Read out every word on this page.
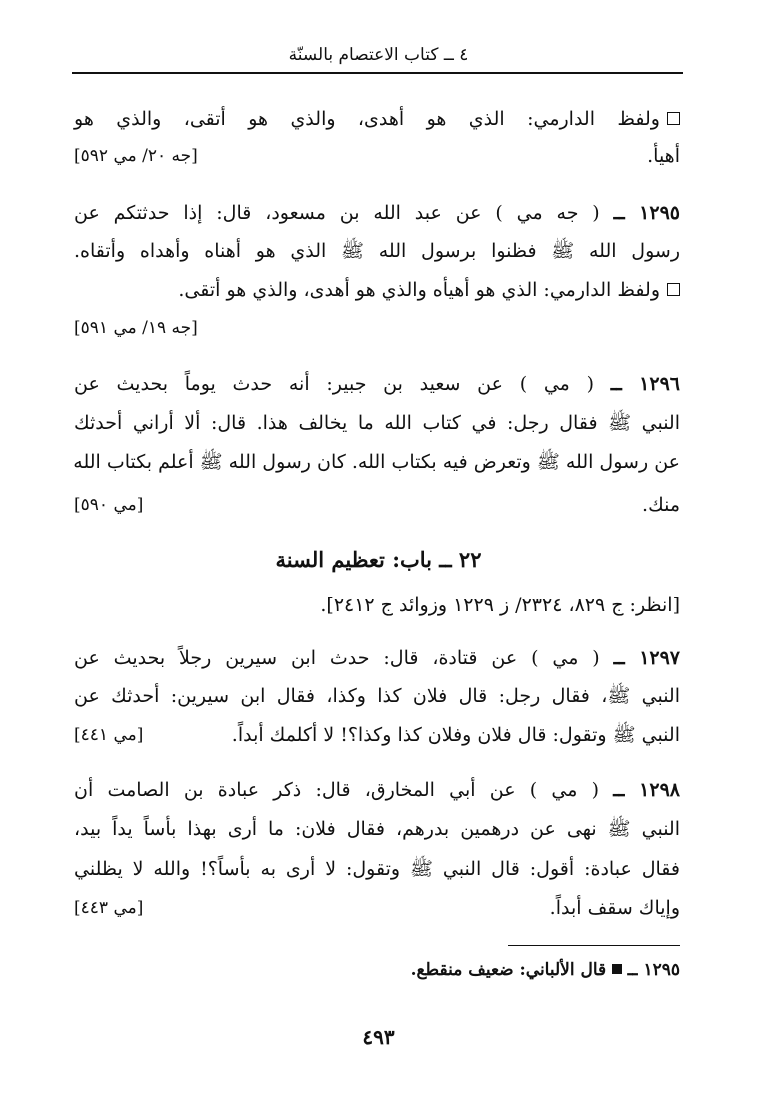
٤ ــ كتاب الاعتصام بالسنّة
ولفظ الدارمي: الذي هو أهدى، والذي هو أتقى، والذي هو
أهيأ.
[جه ٢٠/ مي ٥٩٢]
١٢٩٥ ــ ( جه مي ) عن عبد الله بن مسعود، قال: إذا حدثتكم عن
رسول الله ﷺ فظنوا برسول الله ﷺ الذي هو أهناه وأهداه وأتقاه.
ولفظ الدارمي: الذي هو أهيأه والذي هو أهدى، والذي هو أتقى.
[جه ١٩/ مي ٥٩١]
١٢٩٦ ــ ( مي ) عن سعيد بن جبير: أنه حدث يوماً بحديث عن
النبي ﷺ فقال رجل: في كتاب الله ما يخالف هذا. قال: ألا أراني أحدثك
عن رسول الله ﷺ وتعرض فيه بكتاب الله. كان رسول الله ﷺ أعلم بكتاب الله
منك.
[مي ٥٩٠]
٢٢ ــ باب: تعظيم السنة
[انظر: ج ٨٢٩، ٢٣٢٤/ ز ١٢٢٩ وزوائد ج ٢٤١٢].
١٢٩٧ ــ ( مي ) عن قتادة، قال: حدث ابن سيرين رجلاً بحديث عن
النبي ﷺ، فقال رجل: قال فلان كذا وكذا، فقال ابن سيرين: أحدثك عن
النبي ﷺ وتقول: قال فلان وفلان كذا وكذا؟! لا أكلمك أبداً.
[مي ٤٤١]
١٢٩٨ ــ ( مي ) عن أبي المخارق، قال: ذكر عبادة بن الصامت أن
النبي ﷺ نهى عن درهمين بدرهم، فقال فلان: ما أرى بهذا بأساً يداً بيد،
فقال عبادة: أقول: قال النبي ﷺ وتقول: لا أرى به بأساً؟! والله لا يظلني
وإياك سقف أبداً.
[مي ٤٤٣]
١٢٩٥ ــ قال الألباني: ضعيف منقطع.
٤٩٣
